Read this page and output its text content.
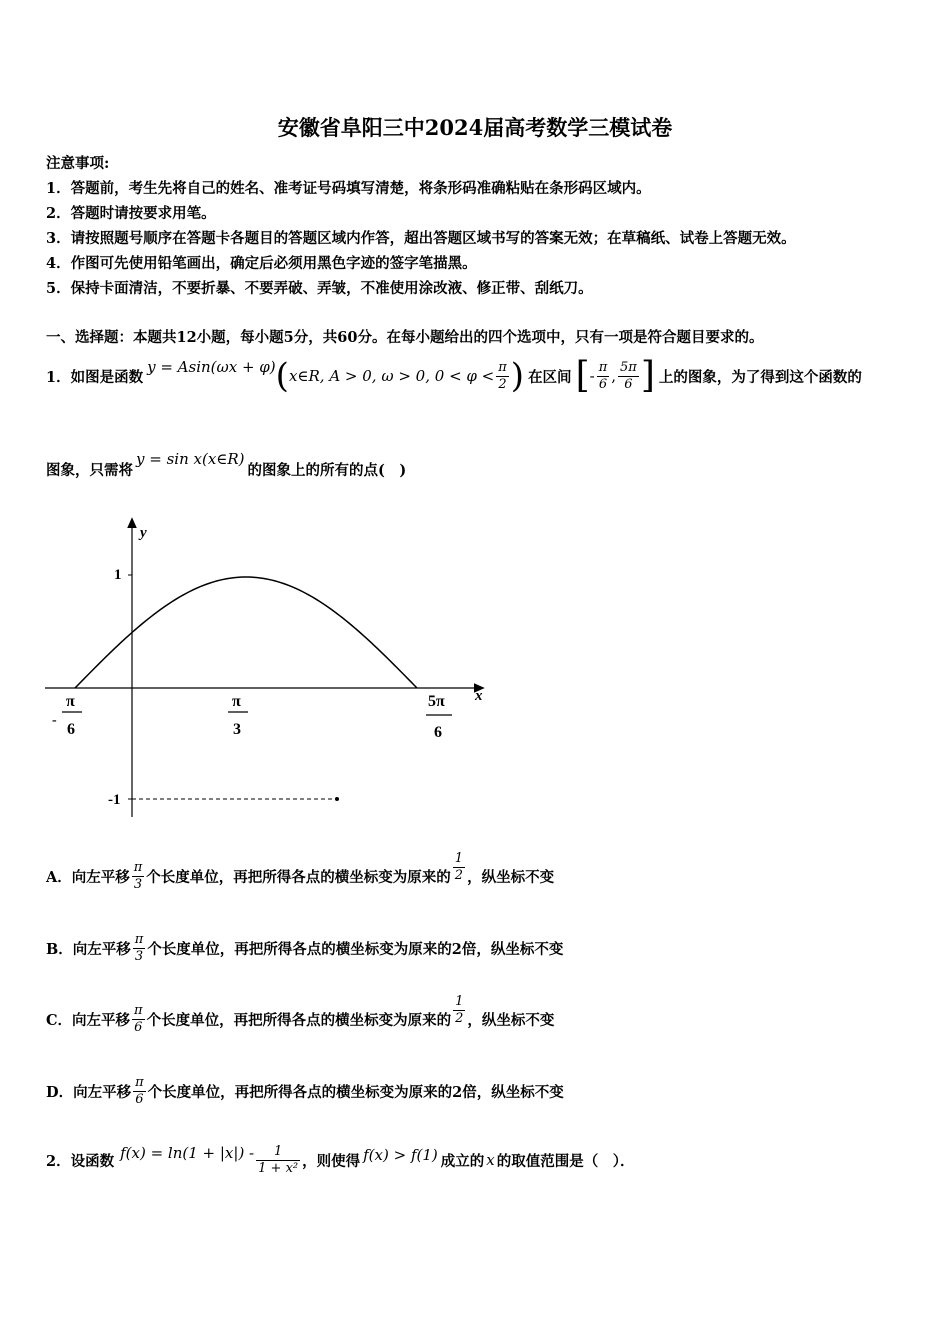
安徽省阜阳三中2024届高考数学三模试卷
注意事项:
1．答题前，考生先将自己的姓名、准考证号码填写清楚，将条形码准确粘贴在条形码区域内。
2．答题时请按要求用笔。
3．请按照题号顺序在答题卡各题目的答题区域内作答，超出答题区域书写的答案无效；在草稿纸、试卷上答题无效。
4．作图可先使用铅笔画出，确定后必须用黑色字迹的签字笔描黑。
5．保持卡面清洁，不要折暴、不要弄破、弄皱，不准使用涂改液、修正带、刮纸刀。
一、选择题：本题共12小题，每小题5分，共60分。在每小题给出的四个选项中，只有一项是符合题目要求的。
1．如图是函数
y = Asin(ωx + φ) ( x∈R, A > 0, ω > 0, $0 < \varphi < \frac{\pi}{2}$ ) 在区间 [ - $\frac{\pi}{6}$ , $\frac{5\pi}{6}$ ] 上的图象，为了得到这个函数的
图象，只需将
y = sin x(x∈R)
的图象上的所有的点(　)
y
x
1
-1
-
π
6
π
3
5π
6
A．向左平移 $\frac{\pi}{3}$ 个长度单位，再把所得各点的横坐标变为原来的 $\frac{1}{2}$ ，纵坐标不变
B．向左平移 $\frac{\pi}{3}$ 个长度单位，再把所得各点的横坐标变为原来的2倍，纵坐标不变
C．向左平移 $\frac{\pi}{6}$ 个长度单位，再把所得各点的横坐标变为原来的 $\frac{1}{2}$ ，纵坐标不变
D．向左平移 $\frac{\pi}{6}$ 个长度单位，再把所得各点的横坐标变为原来的2倍，纵坐标不变
2．设函数 $f(x) = \ln(1 + |x|) - \frac{1}{\text{1 + x²}}$ ，则使得 f(x) > f(1) 成立的 x 的取值范围是（　）．
